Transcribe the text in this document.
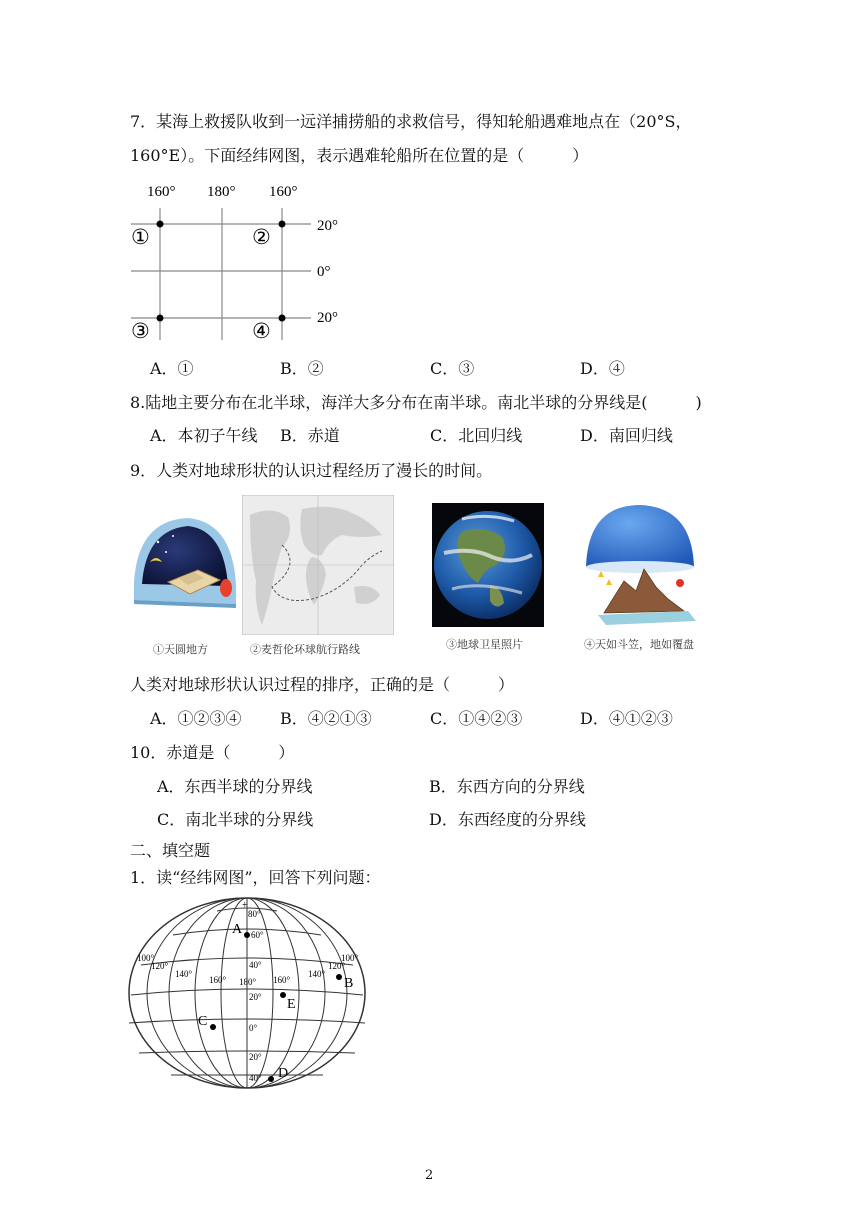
7．某海上救援队收到一远洋捕捞船的求救信号，得知轮船遇难地点在（20°S，
160°E）。下面经纬网图，表示遇难轮船所在位置的是（　　　）
160° 180° 160°
20°
0°
20°
①	②
③	④
A．①	B．②	C．③	D．④
8.陆地主要分布在北半球，海洋大多分布在南半球。南北半球的分界线是(　　　)
A．本初子午线 B．赤道	C．北回归线	D．南回归线
9．人类对地球形状的认识过程经历了漫长的时间。
①天圆地方	②麦哲伦环球航行路线	③地球卫星照片	④天如斗笠，地如覆盘
人类对地球形状认识过程的排序，正确的是（　　　）
A．①②③④ B．④②①③	C．①④②③	D．④①②③
10．赤道是（　　　）
A．东西半球的分界线	B．东西方向的分界线
C．南北半球的分界线	D．东西经度的分界线
二、填空题
1．读“经纬网图”，回答下列问题：
+
80°
60°
40°
20°
0°
20°
40°
100°
120°
140°
160° 180° 160°
140°
120°
100°
A
B
C
D
E
2
